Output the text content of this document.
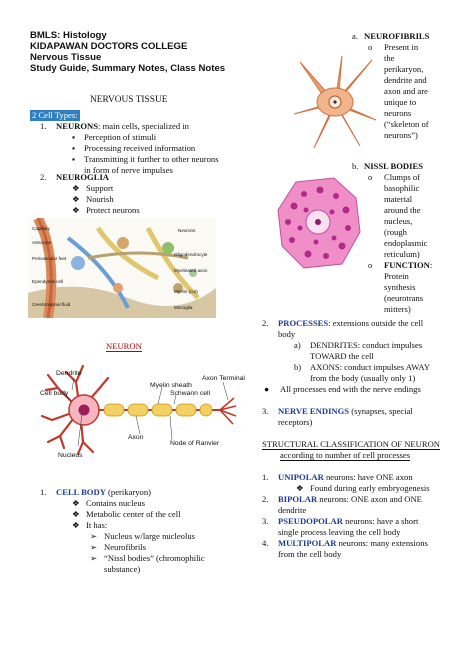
BMLS: Histology
KIDAPAWAN DOCTORS COLLEGE
Nervous Tissue
Study Guide, Summary Notes, Class Notes
NERVOUS TISSUE
2 Cell Types:
1. NEURONS: main cells, specialized in
▪ Perception of stimuli
▪ Processing received information
▪ Transmitting it further to other neurons
in form of nerve impulses
2. NEUROGLIA
❖ Support
❖ Nourish
❖ Protect neurons
Capillary
Astrocyte
Perivascular feet
Ependymal cell
Cerebrospinal fluid
Neurons
Oligodendrocyte
Myelinated axon
Myelin (cut)
Microglia
NEURON
Dendrite
Cell body
Nucleus
Myelin sheath
Schwann cell
Axon
Node of Ranvier
Axon Terminal
1. CELL BODY (perikaryon)
❖ Contains nucleus
❖ Metabolic center of the cell
❖ It has:
➢ Nucleus w/large nucleolus
➢ Neurofibrils
➢ “Nissl bodies” (chromophilic
substance)
a. NEUROFIBRILS
o Present in
the
perikaryon,
dendrite and
axon and are
unique to
neurons
(“skeleton of
neurons”)
b. NISSL BODIES
o Clumps of
basophilic
material
around the
nucleus,
(rough
endoplasmic
reticulum)
o FUNCTION:
Protein
synthesis
(neurotrans
mitters)
2. PROCESSES: extensions outside the cell
body
a) DENDRITES: conduct impulses
TOWARD the cell
b) AXONS: conduct impulses AWAY
from the body (usually only 1)
● All processes end with the nerve endings
3. NERVE ENDINGS (synapses, special
receptors)
STRUCTURAL CLASSIFICATION OF NEURON
according to number of cell processes
1. UNIPOLAR neurons: have ONE axon
❖ Found during early embryogenesis
2. BIPOLAR neurons: ONE axon and ONE
dendrite
3. PSEUDOPOLAR neurons: have a short
single process leaving the cell body
4. MULTIPOLAR neurons: many extensions
from the cell body
